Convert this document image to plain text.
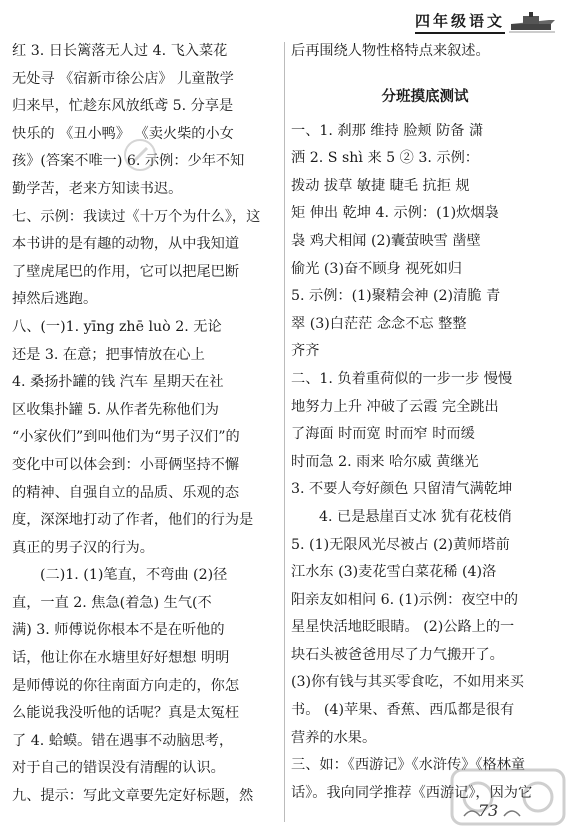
四年级语文
红 3. 日长篱落无人过 4. 飞入菜花
无处寻 《宿新市徐公店》 儿童散学
归来早，忙趁东风放纸鸢 5. 分享是
快乐的 《丑小鸭》 《卖火柴的小女
孩》(答案不唯一) 6. 示例：少年不知
勤学苦，老来方知读书迟。
七、示例：我读过《十万个为什么》，这
本书讲的是有趣的动物，从中我知道
了壁虎尾巴的作用，它可以把尾巴断
掉然后逃跑。
八、(一)1. yīng zhē luò 2. 无论
还是 3. 在意；把事情放在心上
4. 桑扬扑罐的钱 汽车 星期天在社
区收集扑罐 5. 从作者先称他们为
“小家伙们”到叫他们为“男子汉们”的
变化中可以体会到：小哥俩坚持不懈
的精神、自强自立的品质、乐观的态
度，深深地打动了作者，他们的行为是
真正的男子汉的行为。
(二)1. (1)笔直，不弯曲 (2)径
直，一直 2. 焦急(着急) 生气(不
满) 3. 师傅说你根本不是在听他的
话，他让你在水塘里好好想想 明明
是师傅说的你往南面方向走的，你怎
么能说我没听他的话呢？真是太冤枉
了 4. 蛤蟆。错在遇事不动脑思考，
对于自己的错误没有清醒的认识。
九、提示：写此文章要先定好标题，然
后再围绕人物性格特点来叙述。
分班摸底测试
一、1. 刹那 维持 脸颊 防备 潇
洒 2. S shì 来 5 ② 3. 示例：
拨动 拔草 敏捷 睫毛 抗拒 规
矩 伸出 乾坤 4. 示例：(1)炊烟袅
袅 鸡犬相闻 (2)囊萤映雪 凿壁
偷光 (3)奋不顾身 视死如归
5. 示例：(1)聚精会神 (2)清脆 青
翠 (3)白茫茫 念念不忘 整整
齐齐
二、1. 负着重荷似的一步一步 慢慢
地努力上升 冲破了云霞 完全跳出
了海面 时而宽 时而窄 时而缓
时而急 2. 雨来 哈尔威 黄继光
3. 不要人夸好颜色 只留清气满乾坤
4. 已是悬崖百丈冰 犹有花枝俏
5. (1)无限风光尽被占 (2)黄师塔前
江水东 (3)麦花雪白菜花稀 (4)洛
阳亲友如相问 6. (1)示例：夜空中的
星星快活地眨眼睛。 (2)公路上的一
块石头被爸爸用尽了力气搬开了。
(3)你有钱与其买零食吃，不如用来买
书。 (4)苹果、香蕉、西瓜都是很有
营养的水果。
三、如：《西游记》《水浒传》《格林童
话》。我向同学推荐《西游记》，因为它
73
